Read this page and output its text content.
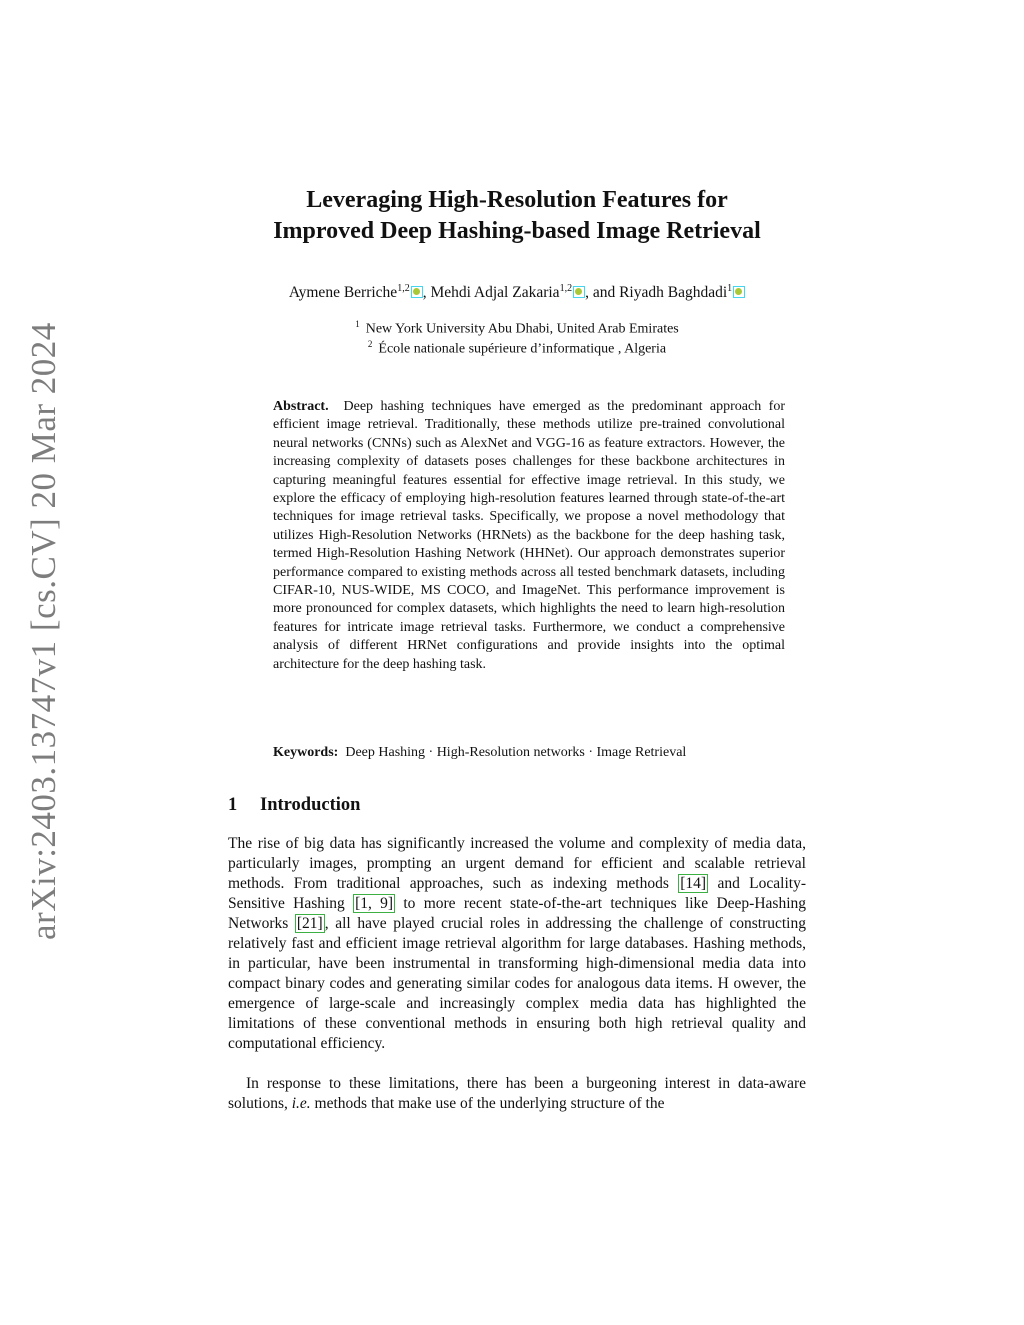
arXiv:2403.13747v1 [cs.CV] 20 Mar 2024
Leveraging High-Resolution Features for
Improved Deep Hashing-based Image Retrieval
Aymene Berriche$^{1,2}$ , Mehdi Adjal Zakaria$^{1,2}$ , and Riyadh Baghdadi$^1$
$^1$ New York University Abu Dhabi, United Arab Emirates
$^2$ École nationale supérieure d’informatique , Algeria
Abstract. Deep hashing techniques have emerged as the predominant approach for efficient image retrieval. Traditionally, these methods utilize pre-trained convolutional neural networks (CNNs) such as AlexNet and VGG-16 as feature extractors. However, the increasing complexity of datasets poses challenges for these backbone architectures in capturing meaningful features essential for effective image retrieval. In this study, we explore the efficacy of employing high-resolution features learned through state-of-the-art techniques for image retrieval tasks. Specifically, we propose a novel methodology that utilizes High-Resolution Networks (HRNets) as the backbone for the deep hashing task, termed High-Resolution Hashing Network (HHNet). Our approach demonstrates superior performance compared to existing methods across all tested benchmark datasets, including CIFAR-10, NUS-WIDE, MS COCO, and ImageNet. This performance improvement is more pronounced for complex datasets, which highlights the need to learn high-resolution features for intricate image retrieval tasks. Furthermore, we conduct a comprehensive analysis of different HRNet configurations and provide insights into the optimal architecture for the deep hashing task.
Keywords: Deep Hashing · High-Resolution networks · Image Retrieval
1 Introduction
The rise of big data has significantly increased the volume and complexity of media data, particularly images, prompting an urgent demand for efficient and scalable retrieval methods. From traditional approaches, such as indexing methods [14] and Locality-Sensitive Hashing [1, 9] to more recent state-of-the-art techniques like Deep-Hashing Networks [21] , all have played crucial roles in addressing the challenge of constructing relatively fast and efficient image retrieval algorithm for large databases. Hashing methods, in particular, have been instrumental in transforming high-dimensional media data into compact binary codes and generating similar codes for analogous data items. H owever, the emergence of large-scale and increasingly complex media data has highlighted the limitations of these conventional methods in ensuring both high retrieval quality and computational efficiency.
In response to these limitations, there has been a burgeoning interest in data-aware solutions, i.e. methods that make use of the underlying structure of the
